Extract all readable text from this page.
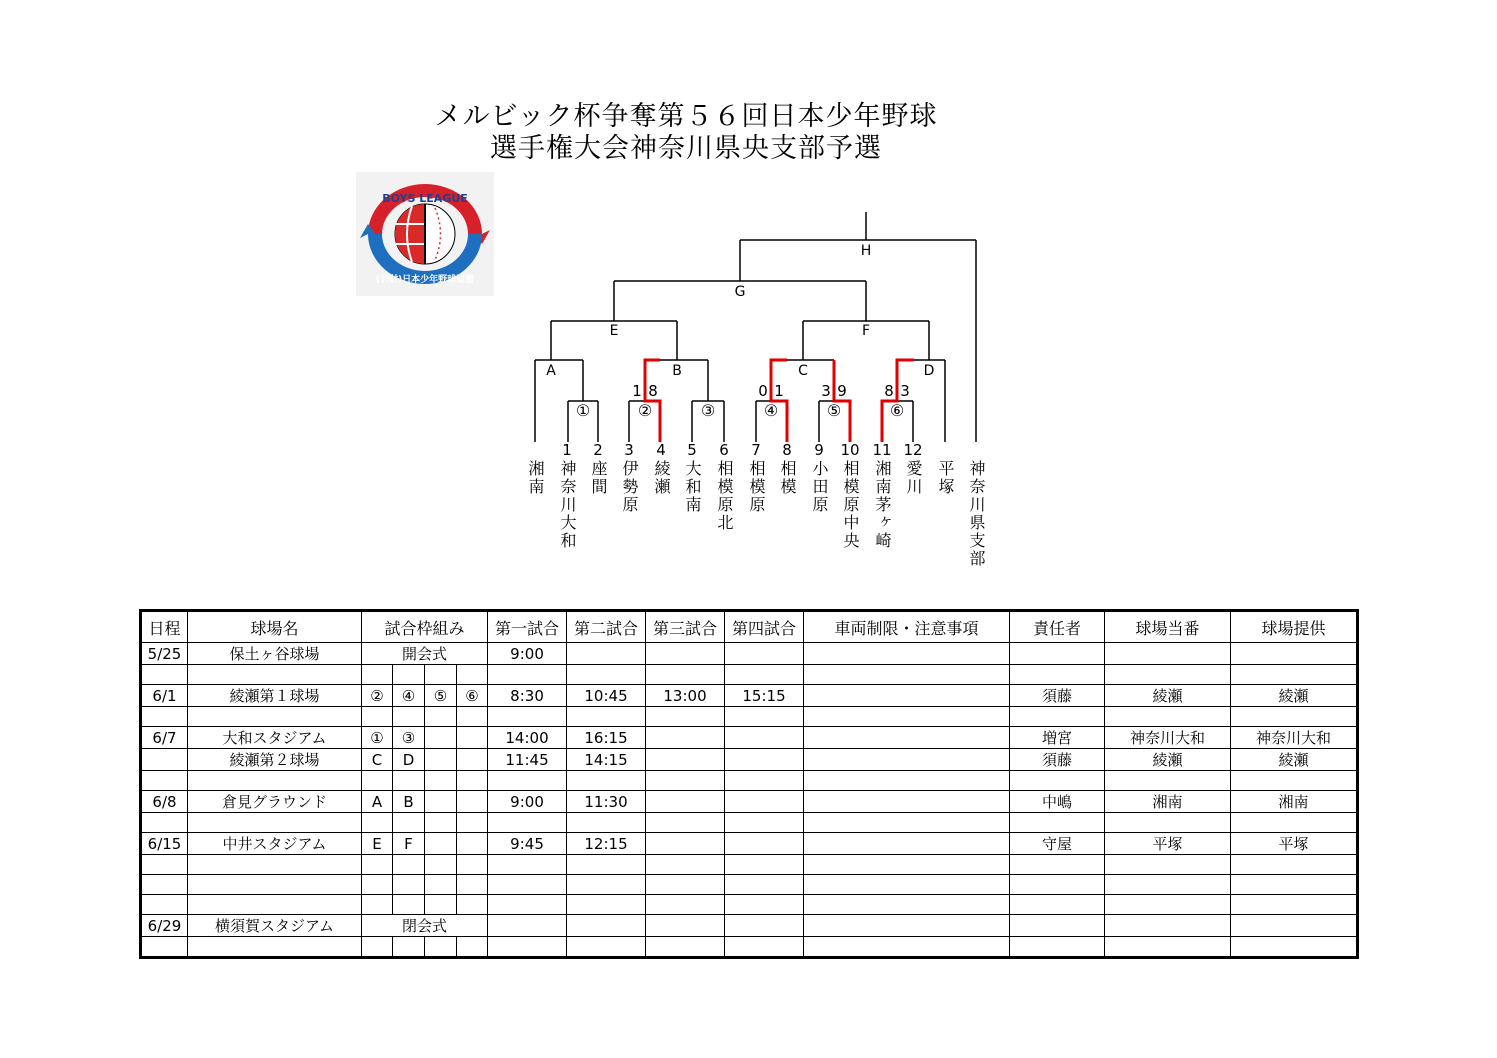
メルビック杯争奪第５６回日本少年野球
選手権大会神奈川県央支部予選
BOYS LEAGUE
(公財)日本少年野球連盟
A	B	C	D
E	F
G
H
①	②	③	④	⑤	⑥
1 8	0 1 3 9 8 3
湘南
1
神奈川大和
2
座間
3
伊勢原
4
綾瀬
5
大和南
6
相模原北
7
相模原
8
相模
9
小田原
10
相模原中央
11
湘南茅ヶ崎
12
愛川 平塚 神奈川県支部
日程	球場名	試合枠組み				第一試合	第二試合	第三試合	第四試合	車両制限・注意事項	責任者	球場当番	球場提供
5/25	保土ヶ谷球場	開会式				9:00							

6/1	綾瀬第１球場	②	④	⑤	⑥	8:30	10:45	13:00	15:15		須藤	綾瀬	綾瀬

6/7	大和スタジアム	①	③			14:00	16:15				増宮	神奈川大和	神奈川大和
	綾瀬第２球場	C	D			11:45	14:15				須藤	綾瀬	綾瀬

6/8	倉見グラウンド	A	B			9:00	11:30				中嶋	湘南	湘南

6/15	中井スタジアム	E	F			9:45	12:15				守屋	平塚	平塚

6/29	横須賀スタジアム	閉会式											
